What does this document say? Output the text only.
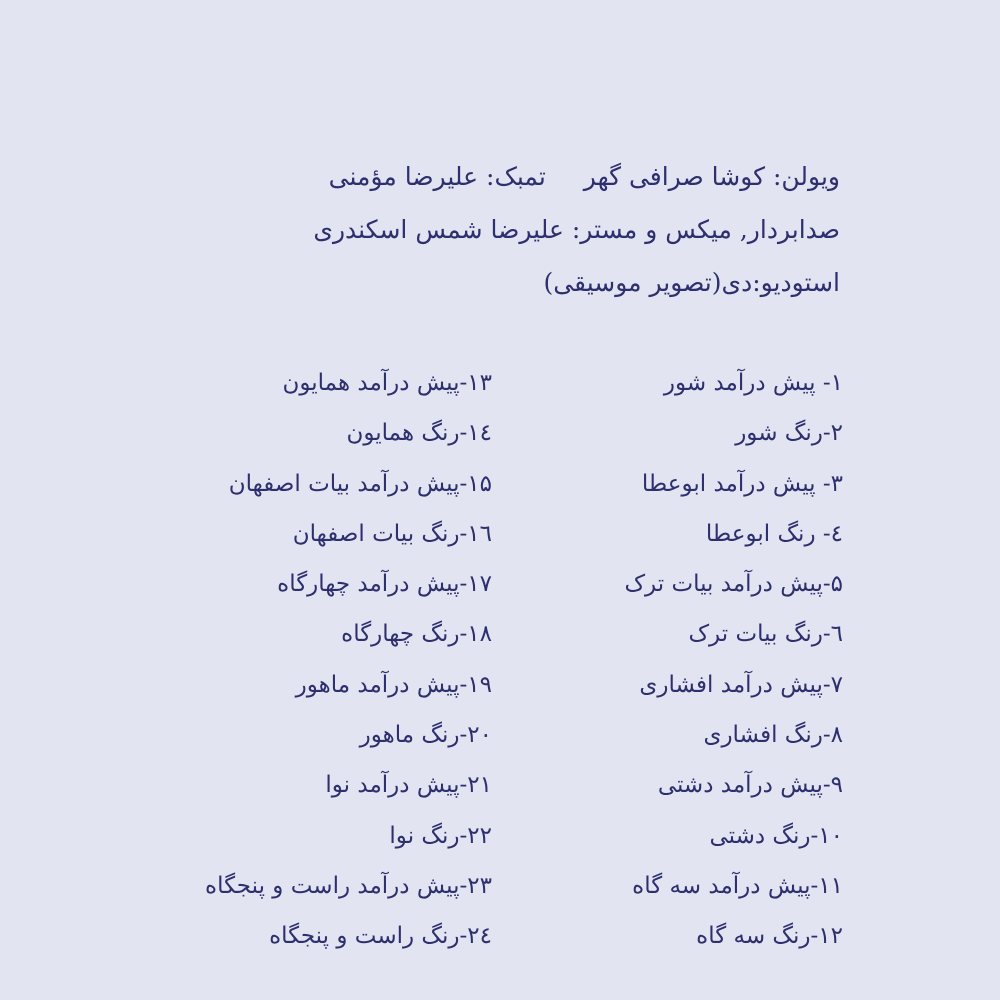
ویولن: کوشا صرافی گهرتمبک: علیرضا مؤمنی
صدابردار, میکس و مستر: علیرضا شمس اسکندری
استودیو:دی(تصویر موسیقی)
۱- پیش درآمد شور
۲-رنگ شور
۳- پیش درآمد ابوعطا
٤- رنگ ابوعطا
۵-پیش درآمد بیات ترک
٦-رنگ بیات ترک
۷-پیش درآمد افشاری
۸-رنگ افشاری
۹-پیش درآمد دشتی
۱۰-رنگ دشتی
۱۱-پیش درآمد سه گاه
۱۲-رنگ سه گاه
۱۳-پیش درآمد همایون
۱٤-رنگ همایون
۱۵-پیش درآمد بیات اصفهان
۱٦-رنگ بیات اصفهان
۱۷-پیش درآمد چهارگاه
۱۸-رنگ چهارگاه
۱۹-پیش درآمد ماهور
۲۰-رنگ ماهور
۲۱-پیش درآمد نوا
۲۲-رنگ نوا
۲۳-پیش درآمد راست و پنجگاه
۲٤-رنگ راست و پنجگاه
